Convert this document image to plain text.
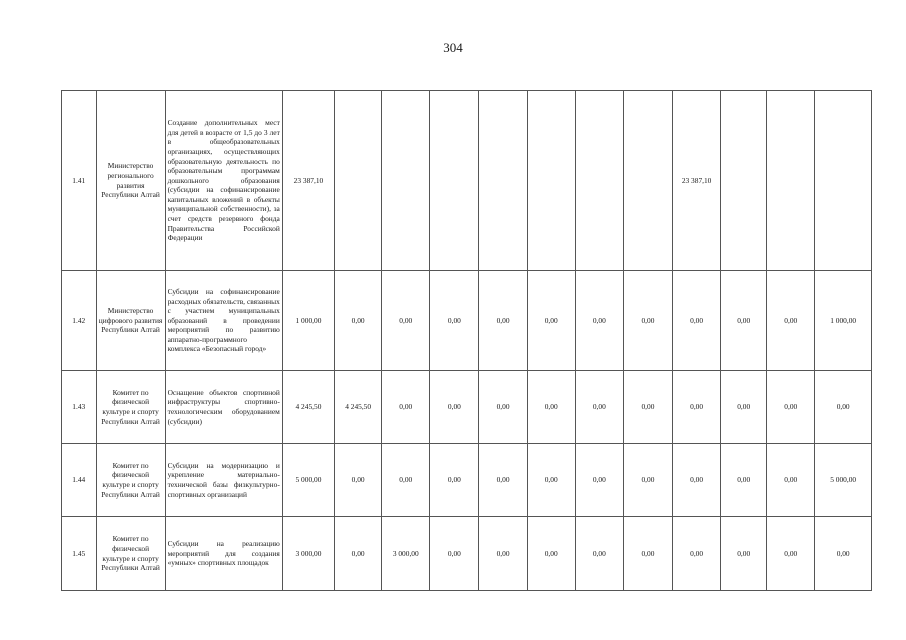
304
1.41	Министерство регионального развития Республики Алтай	Создание дополнительных мест для детей в возрасте от 1,5 до 3 лет в общеобразовательных организациях, осуществляющих образовательную деятельность по образовательным программам дошкольного образования (субсидии на софинансирование капитальных вложений в объекты муниципальной собственности), за счет средств резервного фонда Правительства Российской Федерации	23 387,10								23 387,10			
1.42	Министерство цифрового развития Республики Алтай	Субсидии на софинансирование расходных обязательств, связанных с участием муниципальных образований в проведении мероприятий по развитию аппаратно-программного комплекса «Безопасный город»	1 000,00	0,00	0,00	0,00	0,00	0,00	0,00	0,00	0,00	0,00	0,00	1 000,00
1.43	Комитет по физической культуре и спорту Республики Алтай	Оснащение объектов спортивной инфраструктуры спортивно-технологическим оборудованием (субсидии)	4 245,50	4 245,50	0,00	0,00	0,00	0,00	0,00	0,00	0,00	0,00	0,00	0,00
1.44	Комитет по физической культуре и спорту Республики Алтай	Субсидии на модернизацию и укрепление материально-технической базы физкультурно-спортивных организаций	5 000,00	0,00	0,00	0,00	0,00	0,00	0,00	0,00	0,00	0,00	0,00	5 000,00
1.45	Комитет по физической культуре и спорту Республики Алтай	Субсидии на реализацию мероприятий для создания «умных» спортивных площадок	3 000,00	0,00	3 000,00	0,00	0,00	0,00	0,00	0,00	0,00	0,00	0,00	0,00
